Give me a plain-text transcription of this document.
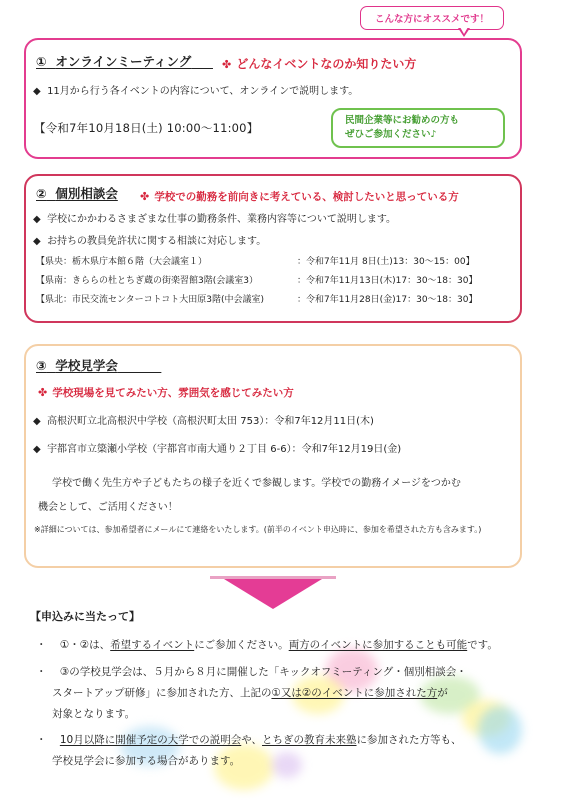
こんな方にオススメです！
① オンラインミーティング	✤ どんなイベントなのか知りたい方
◆ 11月から行う各イベントの内容について、オンラインで説明します。
【令和7年10月18日(土) 10:00～11:00】
民間企業等にお勧めの方も
ぜひご参加ください♪
② 個別相談会 ✤ 学校での勤務を前向きに考えている、検討したいと思っている方
◆ 学校にかかわるさまざまな仕事の勤務条件、業務内容等について説明します。
◆ お持ちの教員免許状に関する相談に対応します。
【県央：栃木県庁本館６階（大会議室１）	：令和7年11月 8日(土)13：30～15：00】
【県南：きららの杜とちぎ蔵の街楽習館3階(会議室3）	：令和7年11月13日(木)17：30～18：30】
【県北：市民交流センターコトコト大田原3階(中会議室)	：令和7年11月28日(金)17：30～18：30】
③ 学校見学会
✤ 学校現場を見てみたい方、雰囲気を感じてみたい方
◆ 高根沢町立北高根沢中学校（高根沢町太田 753）：令和7年12月11日(木)
◆ 宇都宮市立簗瀬小学校（宇都宮市南大通り２丁目 6-6）：令和7年12月19日(金)
学校で働く先生方や子どもたちの様子を近くで参観します。学校での勤務イメージをつかむ
機会として、ご活用ください！
※詳細については、参加希望者にメールにて連絡をいたします。(前半のイベント申込時に、参加を希望された方も含みます。)
【申込みに当たって】
・ ①・②は、希望するイベントにご参加ください。両方のイベントに参加することも可能です。
・ ③の学校見学会は、５月から８月に開催した「キックオフミーティング・個別相談会・
スタートアップ研修」に参加された方、上記の①又は②のイベントに参加された方が
対象となります。
・ 10月以降に開催予定の大学での説明会や、とちぎの教育未来塾に参加された方等も、
学校見学会に参加する場合があります。
